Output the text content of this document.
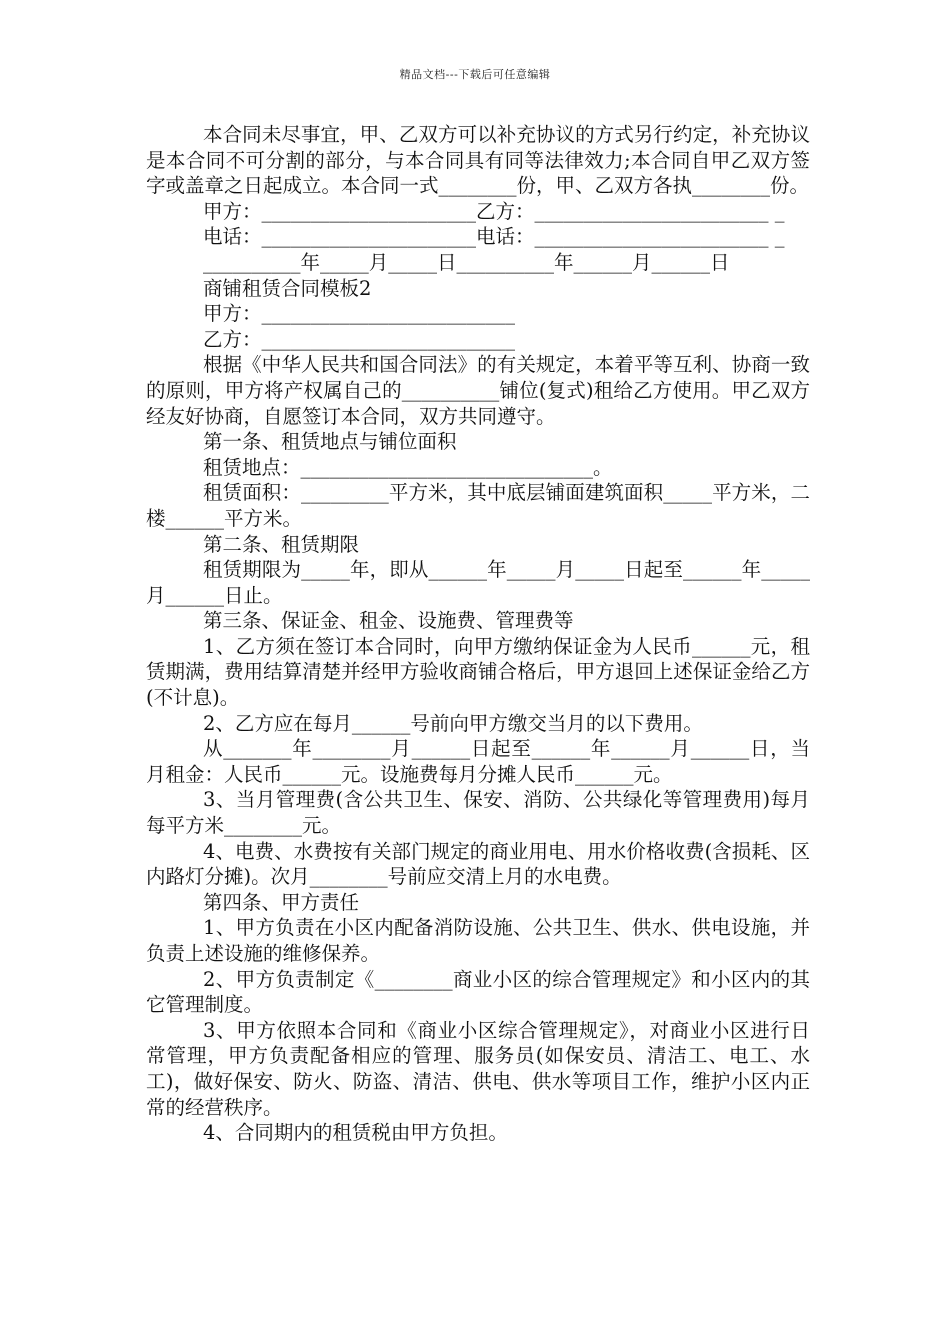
精品文档---下载后可任意编辑

本合同未尽事宜，甲、乙双方可以补充协议的方式另行约定，补充协议是本合同不可分割的部分，与本合同具有同等法律效力;本合同自甲乙双方签字或盖章之日起成立。本合同一式________份，甲、乙双方各执________份。

甲方：______________________乙方：________________________ _

电话：______________________电话：________________________ _

__________年_____月_____日__________年______月______日

商铺租赁合同模板2

甲方：__________________________

乙方：__________________________

根据《中华人民共和国合同法》的有关规定，本着平等互利、协商一致的原则，甲方将产权属自己的__________铺位(复式)租给乙方使用。甲乙双方经友好协商，自愿签订本合同，双方共同遵守。

第一条、租赁地点与铺位面积

租赁地点：______________________________。

租赁面积：_________平方米，其中底层铺面建筑面积_____平方米，二楼______平方米。

第二条、租赁期限

租赁期限为_____年，即从______年_____月_____日起至______年_____月______日止。

第三条、保证金、租金、设施费、管理费等

1、乙方须在签订本合同时，向甲方缴纳保证金为人民币______元，租赁期满，费用结算清楚并经甲方验收商铺合格后，甲方退回上述保证金给乙方(不计息)。

2、乙方应在每月______号前向甲方缴交当月的以下费用。

从_______年________月______日起至______年______月______日，当月租金：人民币______元。设施费每月分摊人民币______元。

3、当月管理费(含公共卫生、保安、消防、公共绿化等管理费用)每月每平方米________元。

4、电费、水费按有关部门规定的商业用电、用水价格收费(含损耗、区内路灯分摊)。次月________号前应交清上月的水电费。

第四条、甲方责任

1、甲方负责在小区内配备消防设施、公共卫生、供水、供电设施，并负责上述设施的维修保养。

2、甲方负责制定《________商业小区的综合管理规定》和小区内的其它管理制度。

3、甲方依照本合同和《商业小区综合管理规定》，对商业小区进行日常管理，甲方负责配备相应的管理、服务员(如保安员、清洁工、电工、水工)，做好保安、防火、防盗、清洁、供电、供水等项目工作，维护小区内正常的经营秩序。

4、合同期内的租赁税由甲方负担。
